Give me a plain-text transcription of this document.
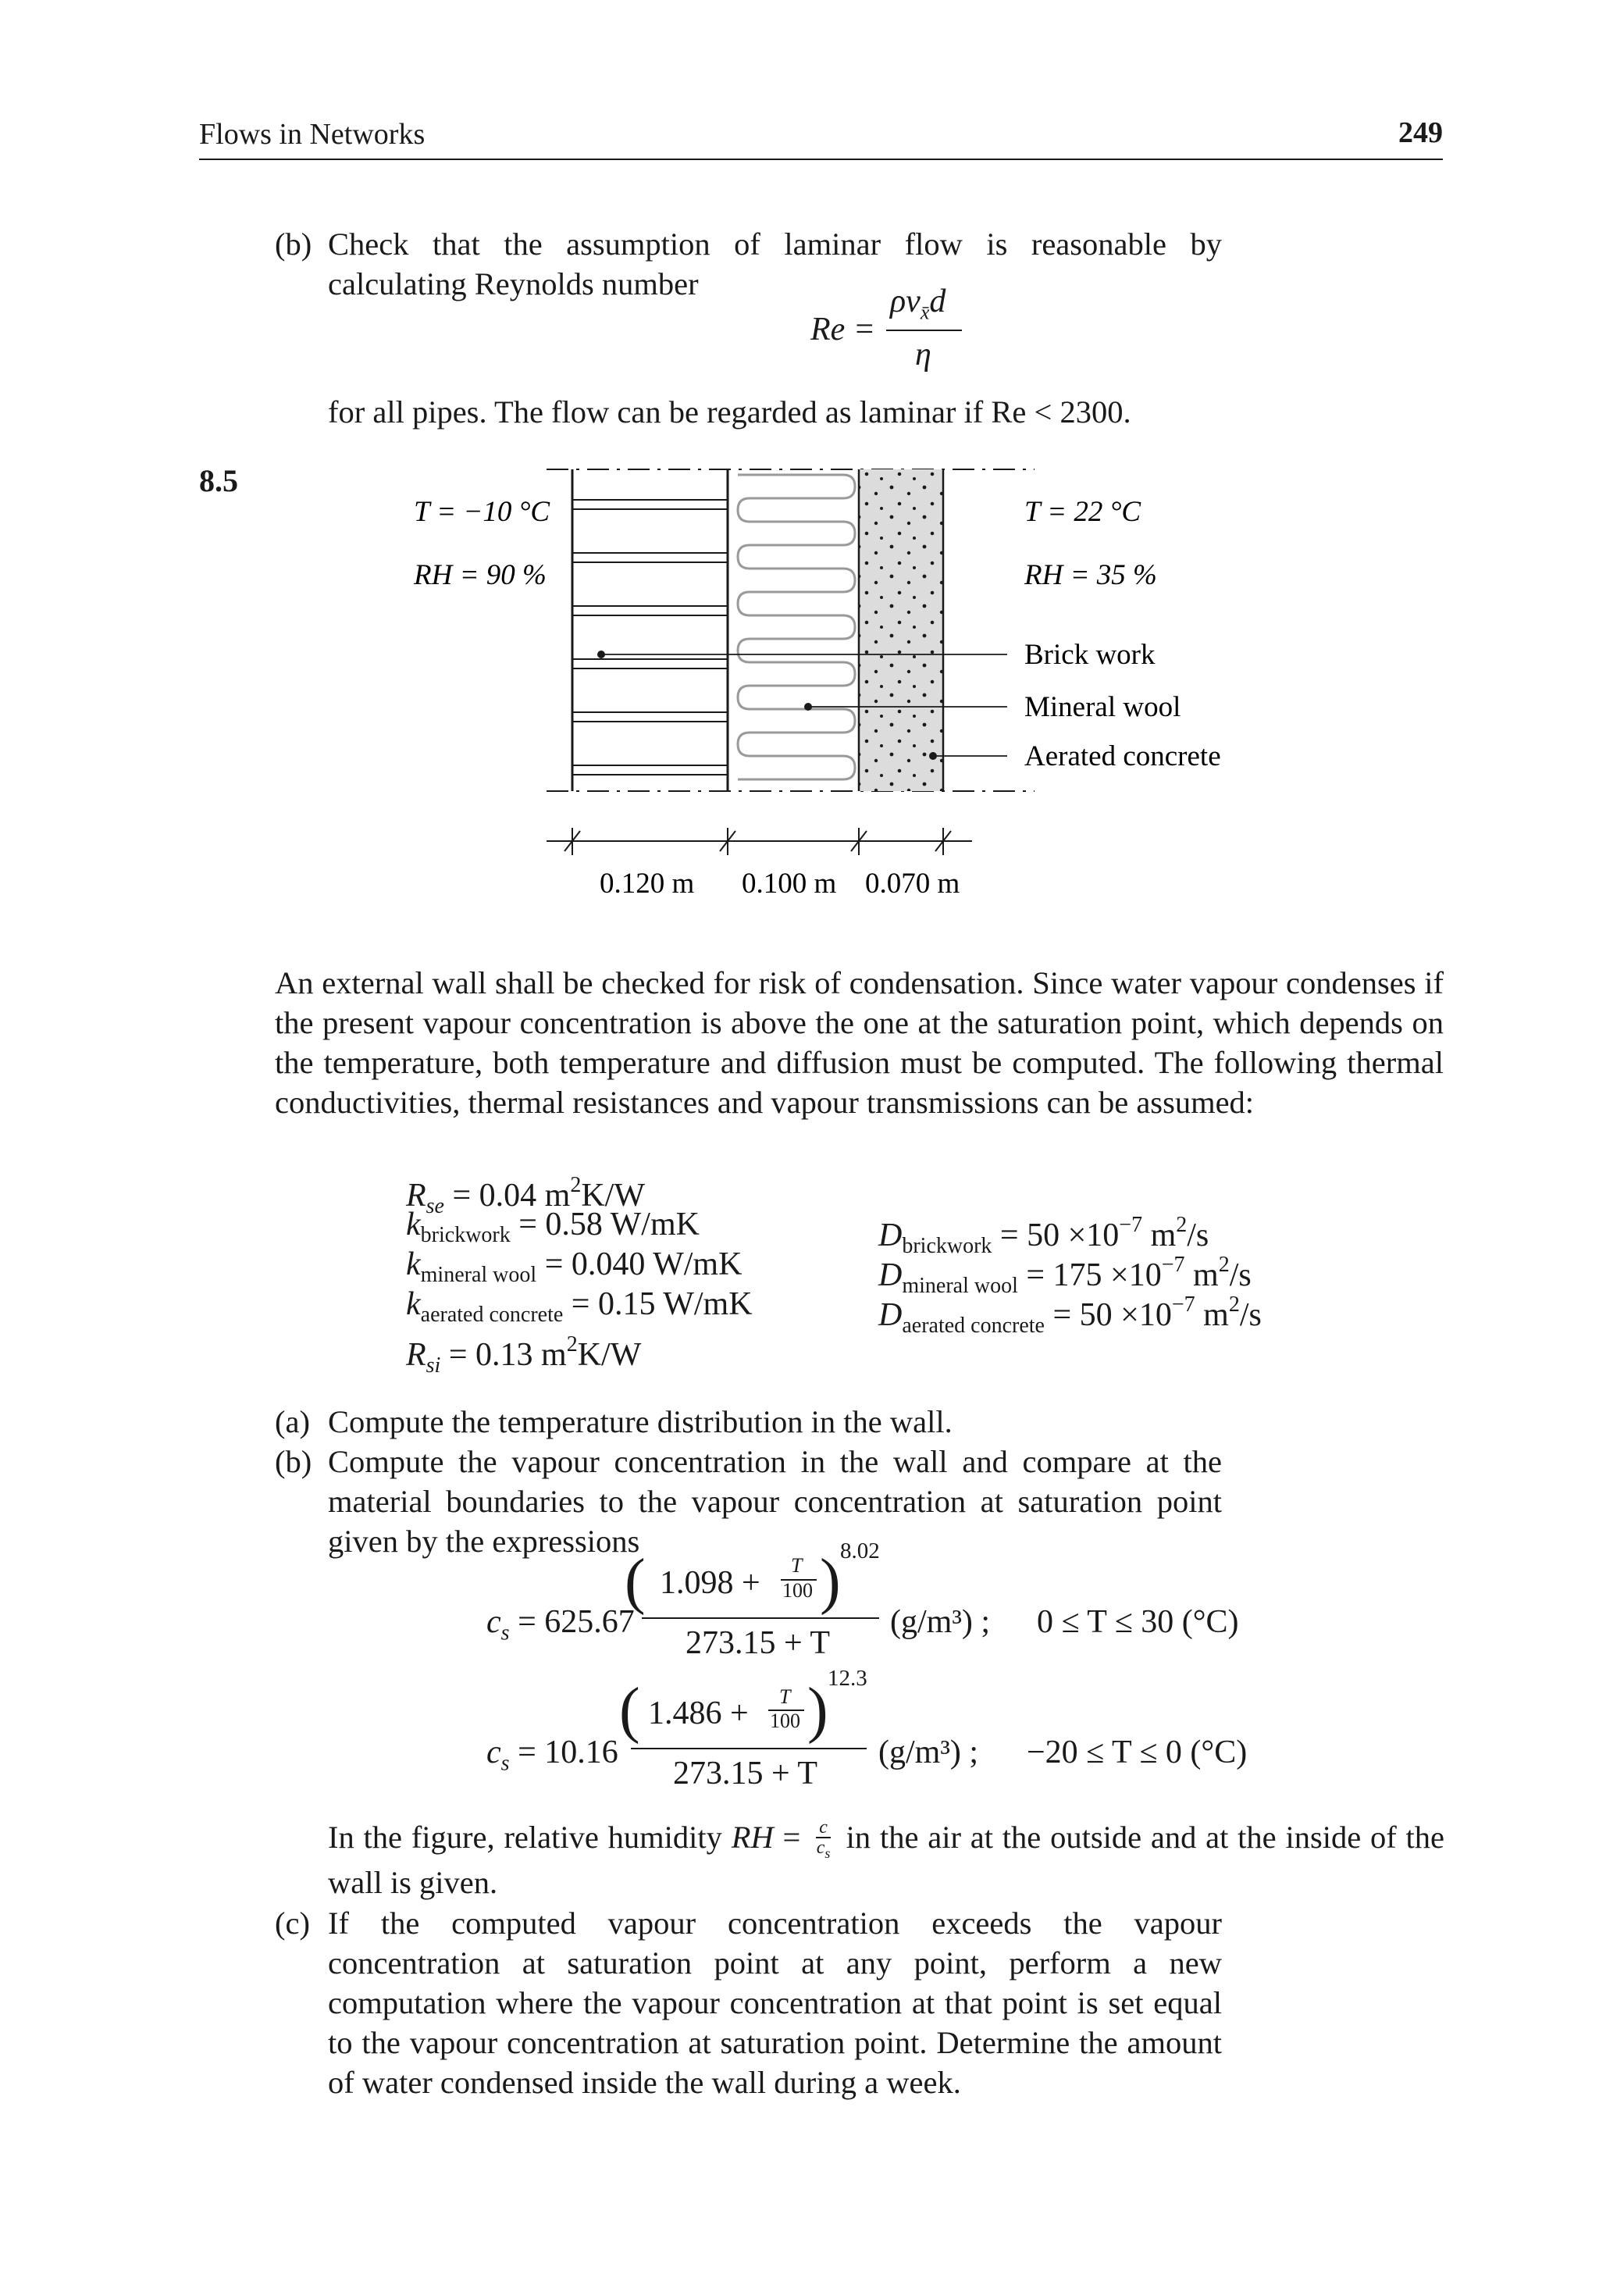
Flows in Networks	249
(b) Check that the assumption of laminar flow is reasonable by calculating Reynolds number
Re =
$\rho v_{x̄}d$
η
for all pipes. The flow can be regarded as laminar if Re < 2300.
8.5
T = −10 °C
RH = 90 %
T = 22 °C
RH = 35 %
Brick work
Mineral wool
Aerated concrete
0.120 m 0.100 m 0.070 m
An external wall shall be checked for risk of condensation. Since water vapour condenses if the present vapour concentration is above the one at the saturation point, which depends on the temperature, both temperature and diffusion must be computed. The following thermal conductivities, thermal resistances and vapour transmissions can be assumed:
$R_{se} = 0.04$ $m^2K/W$
$k_{brickwork} = 0.58$ W/mK
$k_{mineral wool} = 0.040$ W/mK
$k_{aerated concrete} = 0.15$ W/mK
$R_{si} = 0.13$ $m^2K/W$
$D_{brickwork} = 50 \times 10^{-7}$ $m^2/s$
$D_{mineral wool} = 175 \times 10^{-7}$ $m^2/s$
$D_{aerated concrete} = 50 \times 10^{-7}$ $m^2/s$
(a) Compute the temperature distribution in the wall.
(b) Compute the vapour concentration in the wall and compare at the material boundaries to the vapour concentration at saturation point given by the expressions
$c_s = 625.67$
( 1.098 + T
100 ) 8.02
273.15 + T
(g/m³) ; 0 ≤ T ≤ 30 (°C)
$c_s = 10.16$
( 1.486 + T
100 ) 12.3
273.15 + T
(g/m³) ; −20 ≤ T ≤ 0 (°C)
In the figure, relative humidity RH = $\frac{c}{c_s}$ in the air at the outside and at the inside of the wall is given.
(c) If the computed vapour concentration exceeds the vapour concentration at saturation point at any point, perform a new computation where the vapour concentration at that point is set equal to the vapour concentration at saturation point. Determine the amount of water condensed inside the wall during a week.
